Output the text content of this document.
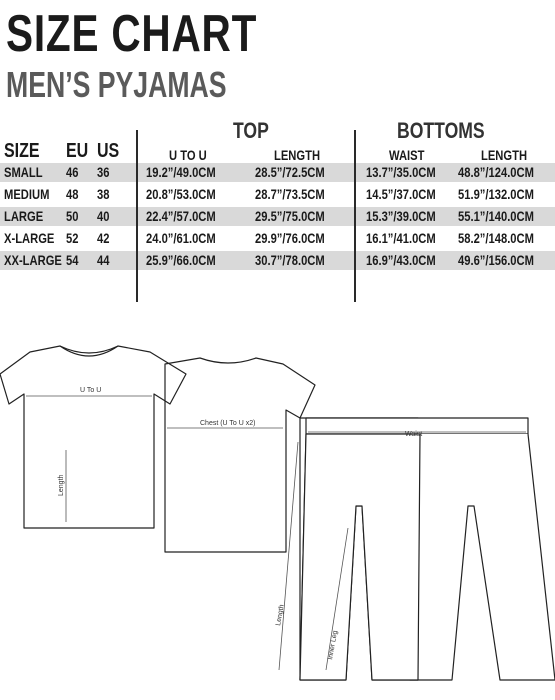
SIZE CHART
MEN’S PYJAMAS
TOP	BOTTOMS
SIZE EU US	U TO U	LENGTH	WAIST	LENGTH
SMALL 46 36	19.2”/49.0CM	28.5”/72.5CM	13.7”/35.0CM 48.8”/124.0CM
MEDIUM 48 38	20.8”/53.0CM	28.7”/73.5CM	14.5”/37.0CM 51.9”/132.0CM
LARGE 50 40	22.4”/57.0CM	29.5”/75.0CM	15.3”/39.0CM 55.1”/140.0CM
X-LARGE 52 42	24.0”/61.0CM	29.9”/76.0CM	16.1”/41.0CM 58.2”/148.0CM
XX-LARGE 54 44	25.9”/66.0CM	30.7”/78.0CM	16.9”/43.0CM 49.6”/156.0CM
U To U
Chest (U To U x2)
Length
Waist
Length
Inner Leg
